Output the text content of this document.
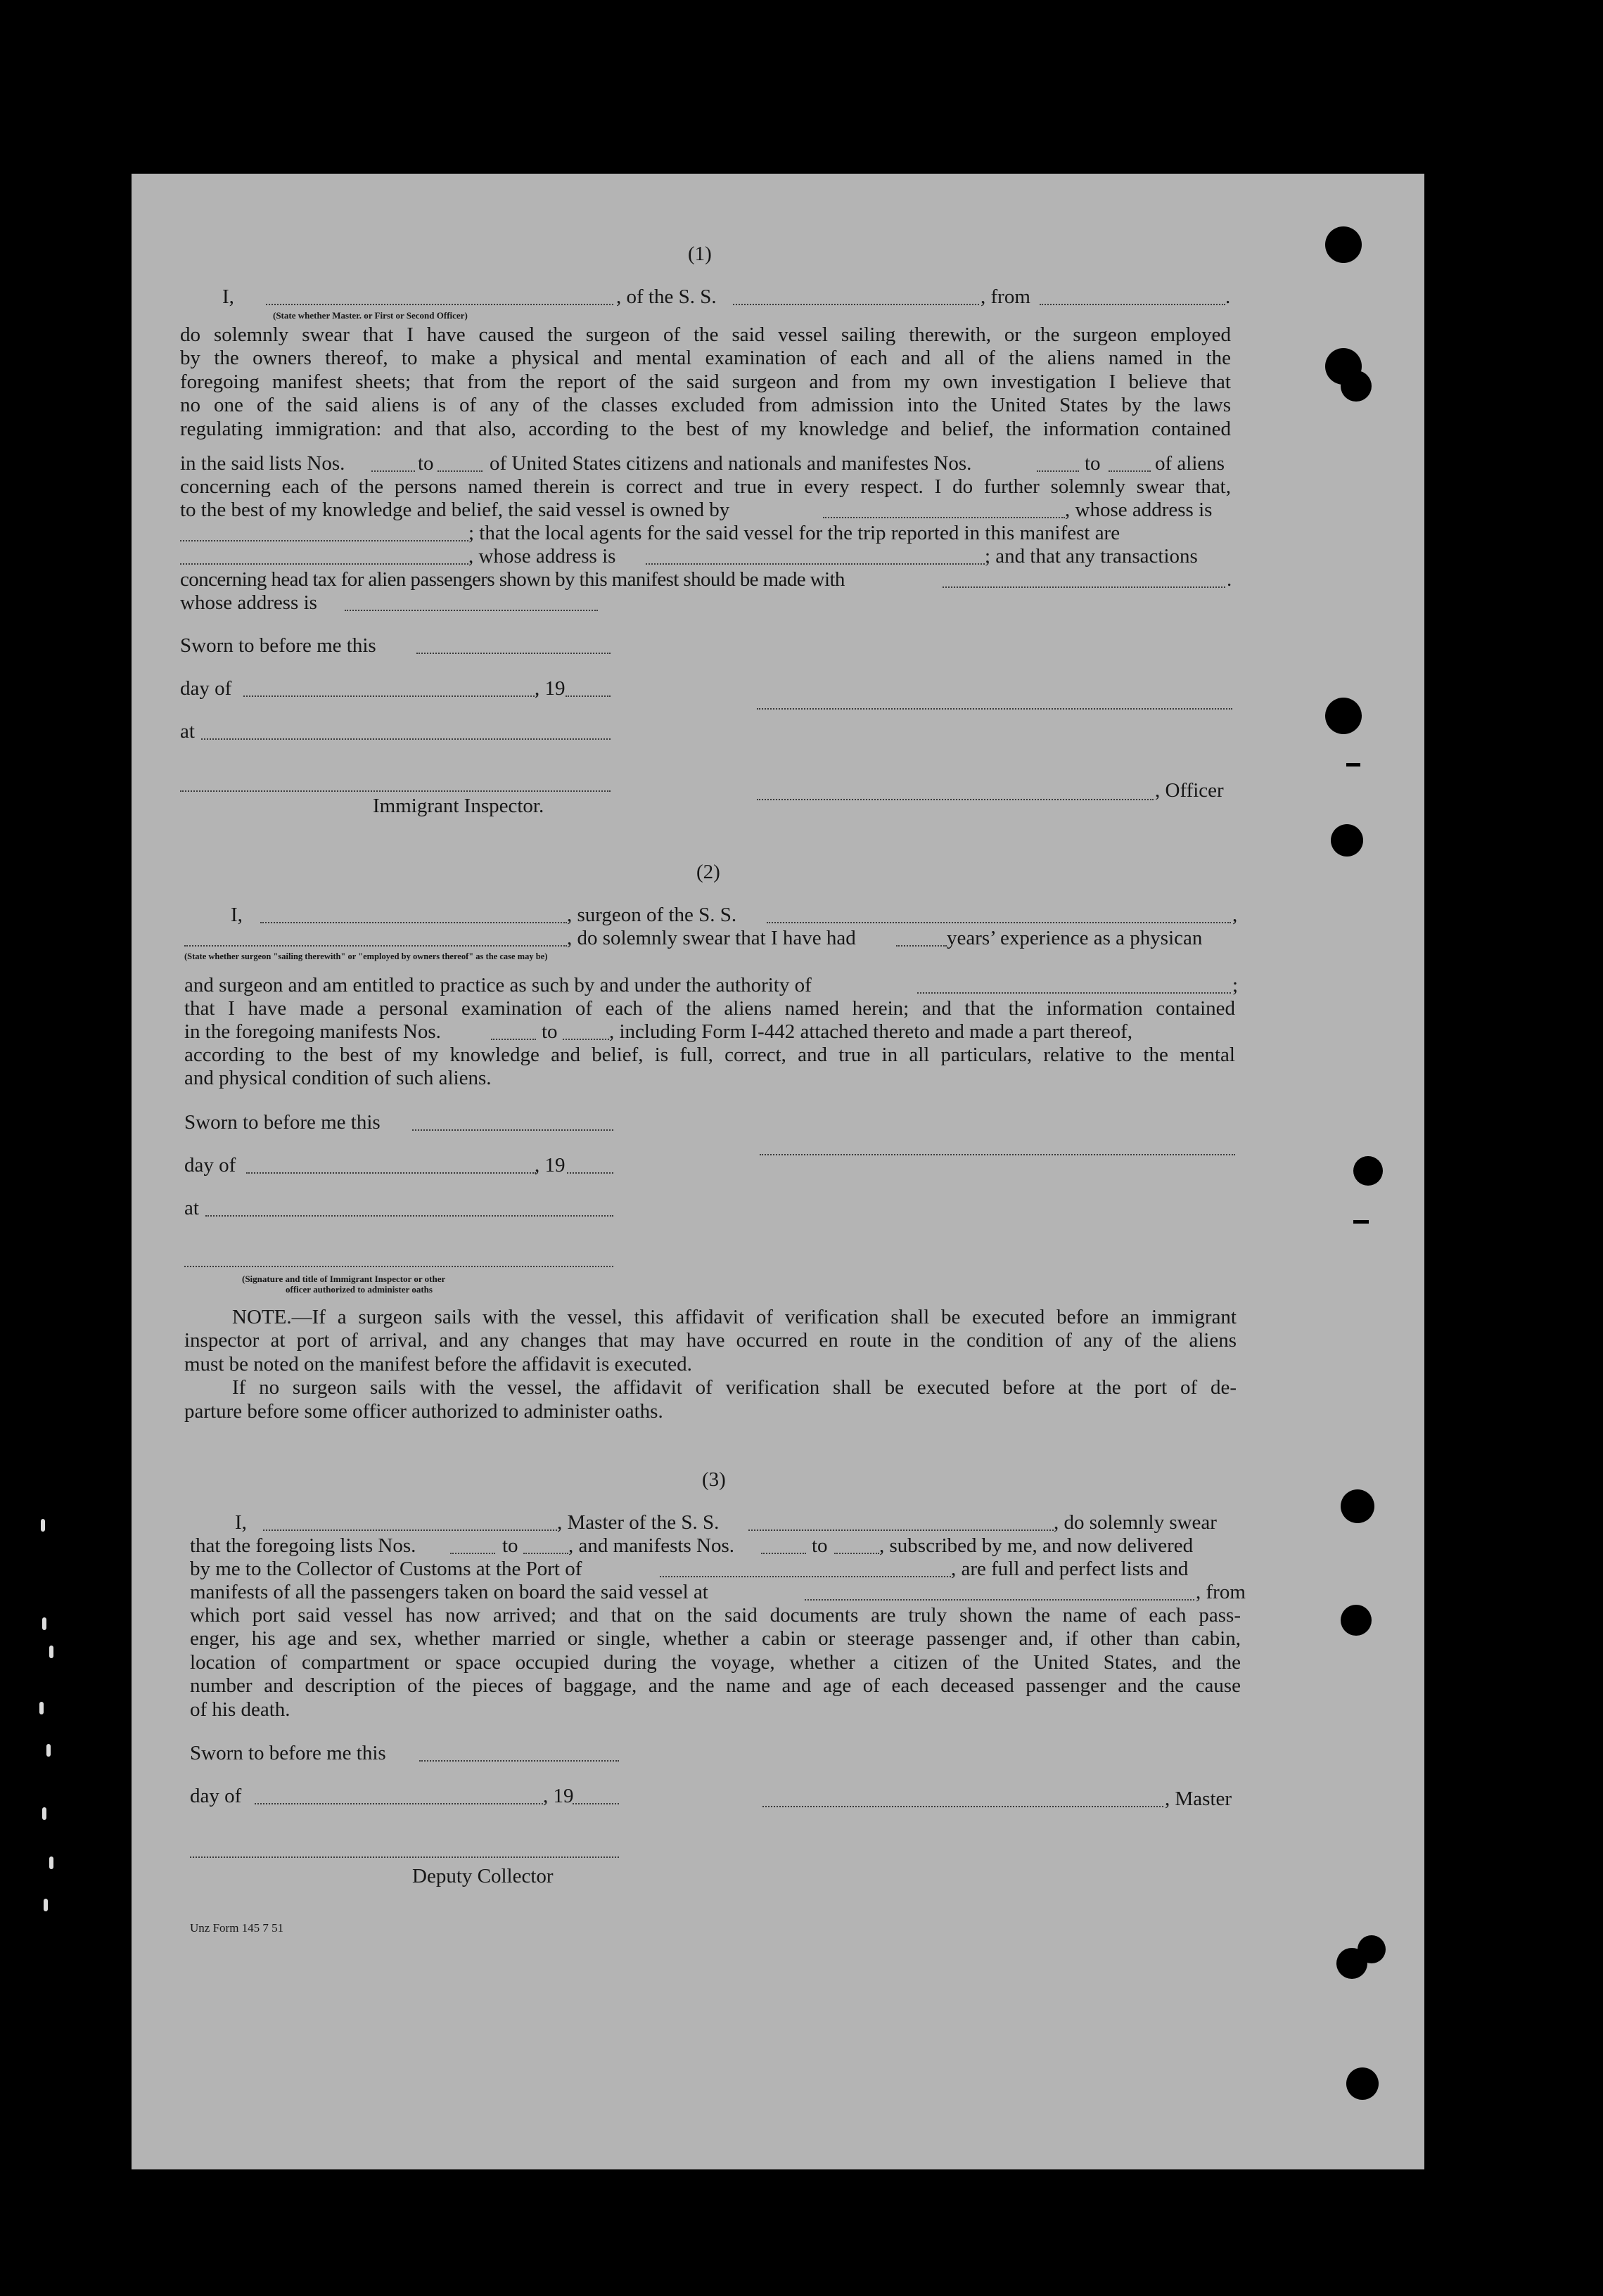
(1)
I,
(State whether Master. or First or Second Officer)
, of the S. S.	, from	.
do solemnly swear that I have caused the surgeon of the said vessel sailing therewith, or the surgeon employed
by the owners thereof, to make a physical and mental examination of each and all of the aliens named in the
foregoing manifest sheets; that from the report of the said surgeon and from my own investigation I believe that
no one of the said aliens is of any of the classes excluded from admission into the United States by the laws
regulating immigration: and that also, according to the best of my knowledge and belief, the information contained
in the said lists Nos.	to	of United States citizens and nationals and manifestes Nos.	to	of aliens
concerning each of the persons named therein is correct and true in every respect. I do further solemnly swear that,
to the best of my knowledge and belief, the said vessel is owned by	, whose address is
; that the local agents for the said vessel for the trip reported in this manifest are
, whose address is	; and that any transactions
concerning head tax for alien passengers shown by this manifest should be made with	.
whose address is
Sworn to before me this
day of	, 19
at
, Officer
Immigrant Inspector.
(2)
I,	, surgeon of the S. S.	,
, do solemnly swear that I have had	years’ experience as a physican
(State whether surgeon "sailing therewith" or "employed by owners thereof" as the case may be)
and surgeon and am entitled to practice as such by and under the authority of	;
that I have made a personal examination of each of the aliens named herein; and that the information contained
in the foregoing manifests Nos.	to	, including Form I-442 attached thereto and made a part thereof,
according to the best of my knowledge and belief, is full, correct, and true in all particulars, relative to the mental
and physical condition of such aliens.
Sworn to before me this
day of	, 19
at
(Signature and title of Immigrant Inspector or other
officer authorized to administer oaths
NOTE.—If a surgeon sails with the vessel, this affidavit of verification shall be executed before an immigrant
inspector at port of arrival, and any changes that may have occurred en route in the condition of any of the aliens
must be noted on the manifest before the affidavit is executed.
If no surgeon sails with the vessel, the affidavit of verification shall be executed before at the port of de-
parture before some officer authorized to administer oaths.
(3)
I,	, Master of the S. S.	, do solemnly swear
that the foregoing lists Nos.	to , and manifests Nos.	to	, subscribed by me, and now delivered
by me to the Collector of Customs at the Port of	, are full and perfect lists and
manifests of all the passengers taken on board the said vessel at	, from
which port said vessel has now arrived; and that on the said documents are truly shown the name of each pass-
enger, his age and sex, whether married or single, whether a cabin or steerage passenger and, if other than cabin,
location of compartment or space occupied during the voyage, whether a citizen of the United States, and the
number and description of the pieces of baggage, and the name and age of each deceased passenger and the cause
of his death.
Sworn to before me this
day of	, 19	, Master
Deputy Collector
Unz Form 145 7 51
